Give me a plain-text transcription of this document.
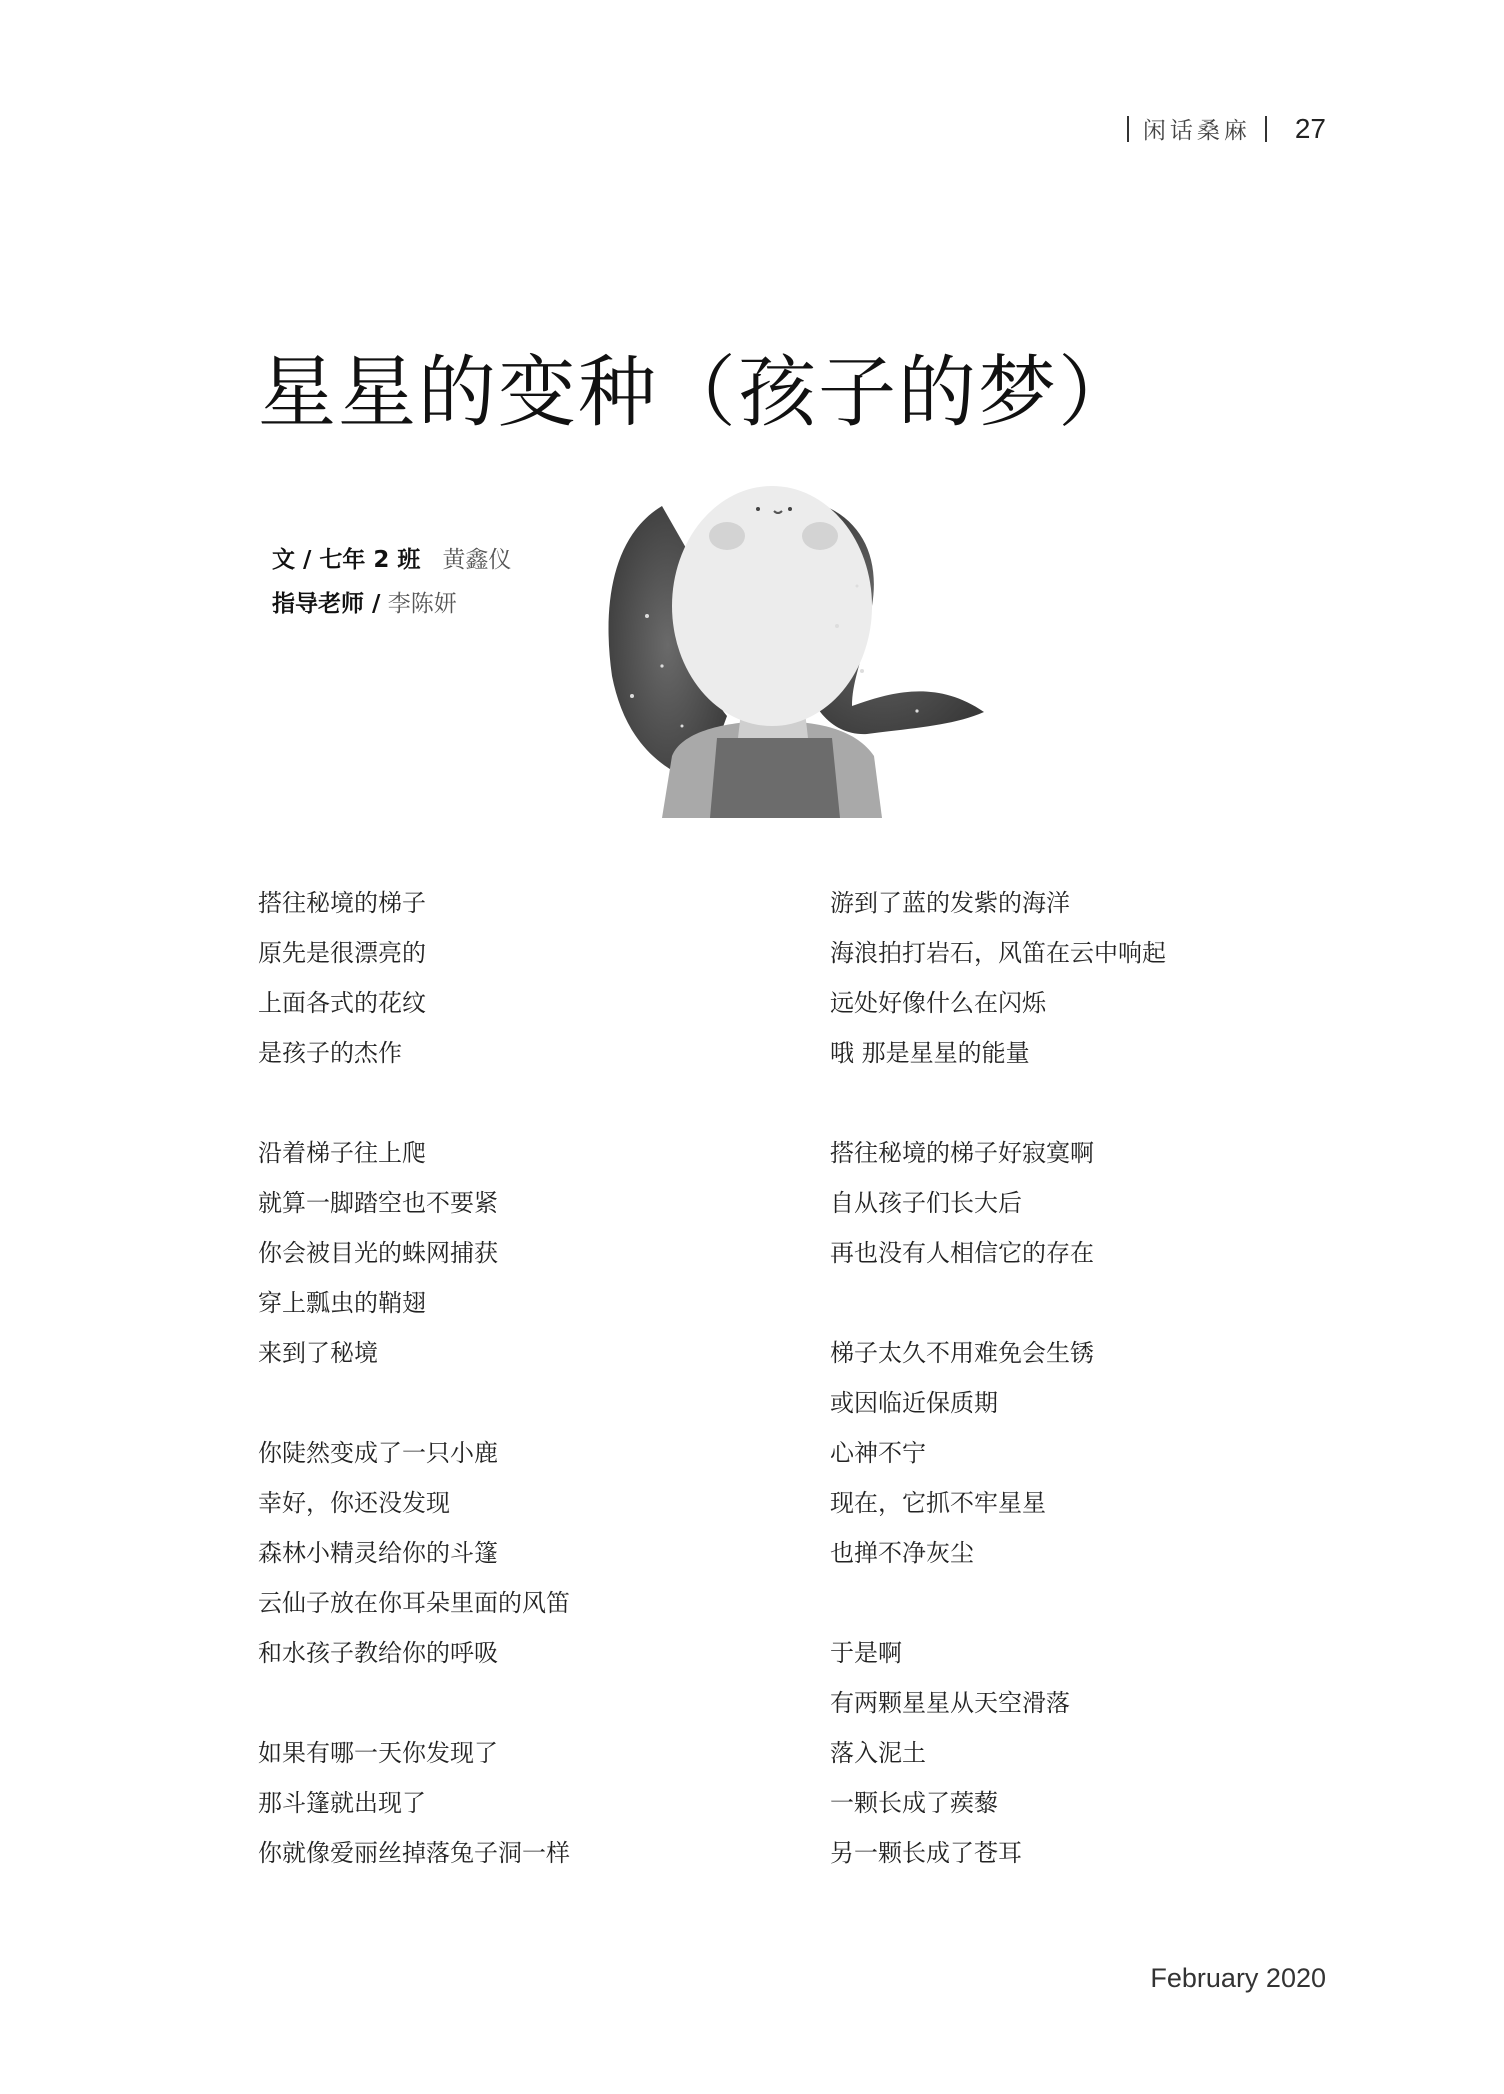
闲话桑麻 27
星星的变种（孩子的梦）
文 / 七年 2 班 黄鑫仪
指导老师 / 李陈妍
搭往秘境的梯子
原先是很漂亮的
上面各式的花纹
是孩子的杰作
沿着梯子往上爬
就算一脚踏空也不要紧
你会被目光的蛛网捕获
穿上瓢虫的鞘翅
来到了秘境
你陡然变成了一只小鹿
幸好，你还没发现
森林小精灵给你的斗篷
云仙子放在你耳朵里面的风笛
和水孩子教给你的呼吸
如果有哪一天你发现了
那斗篷就出现了
你就像爱丽丝掉落兔子洞一样
游到了蓝的发紫的海洋
海浪拍打岩石，风笛在云中响起
远处好像什么在闪烁
哦 那是星星的能量
搭往秘境的梯子好寂寞啊
自从孩子们长大后
再也没有人相信它的存在
梯子太久不用难免会生锈
或因临近保质期
心神不宁
现在，它抓不牢星星
也掸不净灰尘
于是啊
有两颗星星从天空滑落
落入泥土
一颗长成了蒺藜
另一颗长成了苍耳
February 2020
